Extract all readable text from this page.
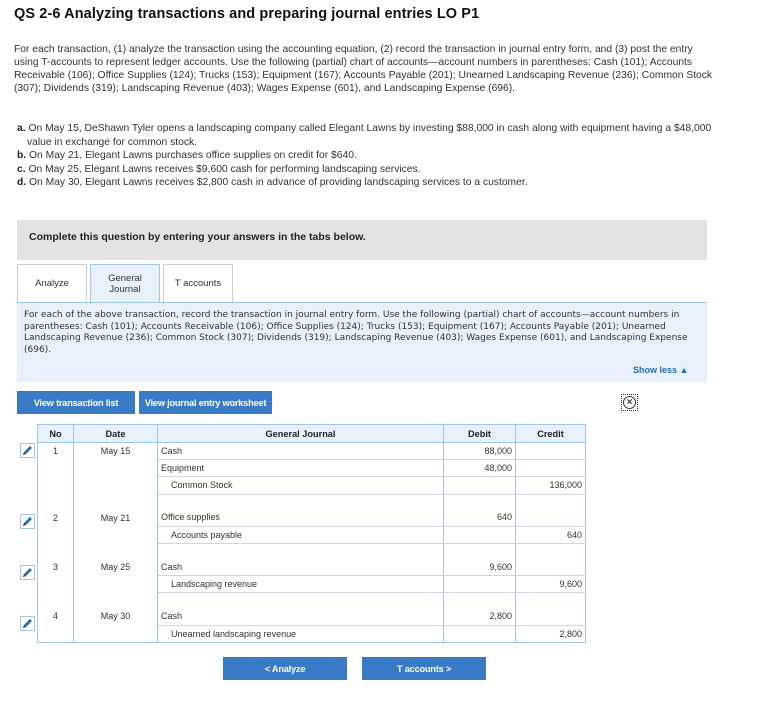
QS 2-6 Analyzing transactions and preparing journal entries LO P1
For each transaction, (1) analyze the transaction using the accounting equation, (2) record the transaction in journal entry form, and (3) post the entry using T-accounts to represent ledger accounts. Use the following (partial) chart of accounts—account numbers in parentheses: Cash (101); Accounts Receivable (106); Office Supplies (124); Trucks (153); Equipment (167); Accounts Payable (201); Unearned Landscaping Revenue (236); Common Stock (307); Dividends (319); Landscaping Revenue (403); Wages Expense (601), and Landscaping Expense (696).
a. On May 15, DeShawn Tyler opens a landscaping company called Elegant Lawns by investing $88,000 in cash along with equipment having a $48,000 value in exchange for common stock.
b. On May 21, Elegant Lawns purchases office supplies on credit for $640.
c. On May 25, Elegant Lawns receives $9,600 cash for performing landscaping services.
d. On May 30, Elegant Lawns receives $2,800 cash in advance of providing landscaping services to a customer.
Complete this question by entering your answers in the tabs below.
Analyze	General Journal	T accounts

For each of the above transaction, record the transaction in journal entry form. Use the following (partial) chart of accounts—account numbers in parentheses: Cash (101); Accounts Receivable (106); Office Supplies (124); Trucks (153); Equipment (167); Accounts Payable (201); Unearned Landscaping Revenue (236); Common Stock (307); Dividends (319); Landscaping Revenue (403); Wages Expense (601), and Landscaping Expense (696).

Show less ▲
View transaction list	View journal entry worksheet	×
No	Date	General Journal	Debit	Credit
1	May 15	Cash	88,000	
		Equipment	48,000	
		Common Stock		136,000

2	May 21	Office supplies	640	
		Accounts payable		640

3	May 25	Cash	9,600	
		Landscaping revenue		9,600

4	May 30	Cash	2,800	
		Unearned landscaping revenue		2,800
< Analyze	T accounts >
